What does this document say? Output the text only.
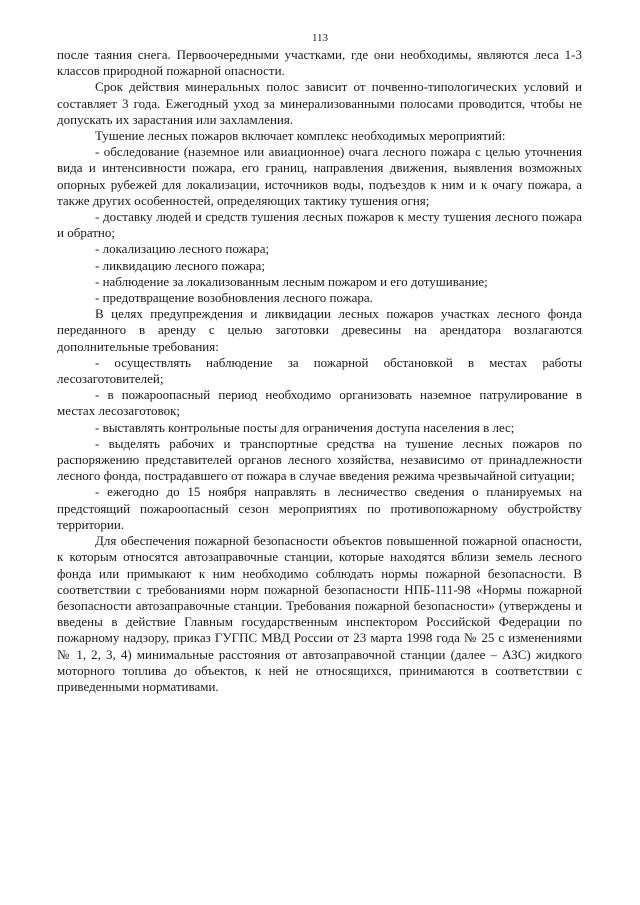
113

после таяния снега. Первоочередными участками, где они необходимы, являются леса 1-3 классов природной пожарной опасности.

Срок действия минеральных полос зависит от почвенно-типологических условий и составляет 3 года. Ежегодный уход за минерализованными полосами проводится, чтобы не допускать их зарастания или захламления.

Тушение лесных пожаров включает комплекс необходимых мероприятий:

- обследование (наземное или авиационное) очага лесного пожара с целью уточнения вида и интенсивности пожара, его границ, направления движения, выявления возможных опорных рубежей для локализации, источников воды, подъездов к ним и к очагу пожара, а также других особенностей, определяющих тактику тушения огня;

- доставку людей и средств тушения лесных пожаров к месту тушения лесного пожара и обратно;

- локализацию лесного пожара;

- ликвидацию лесного пожара;

- наблюдение за локализованным лесным пожаром и его дотушивание;

- предотвращение возобновления лесного пожара.

В целях предупреждения и ликвидации лесных пожаров участках лесного фонда переданного в аренду с целью заготовки древесины на арендатора возлагаются дополнительные требования:

- осуществлять наблюдение за пожарной обстановкой в местах работы лесозаготовителей;

- в пожароопасный период необходимо организовать наземное патрулирование в местах лесозаготовок;

- выставлять контрольные посты для ограничения доступа населения в лес;

- выделять рабочих и транспортные средства на тушение лесных пожаров по распоряжению представителей органов лесного хозяйства, независимо от принадлежности лесного фонда, пострадавшего от пожара в случае введения режима чрезвычайной ситуации;

- ежегодно до 15 ноября направлять в лесничество сведения о планируемых на предстоящий пожароопасный сезон мероприятиях по противопожарному обустройству территории.

Для обеспечения пожарной безопасности объектов повышенной пожарной опасности, к которым относятся автозаправочные станции, которые находятся вблизи земель лесного фонда или примыкают к ним необходимо соблюдать нормы пожарной безопасности. В соответствии с требованиями норм пожарной безопасности НПБ-111-98 «Нормы пожарной безопасности автозаправочные станции. Требования пожарной безопасности» (утверждены и введены в действие Главным государственным инспектором Российской Федерации по пожарному надзору, приказ ГУГПС МВД России от 23 марта 1998 года № 25 с изменениями № 1, 2, 3, 4) минимальные расстояния от автозаправочной станции (далее – АЗС) жидкого моторного топлива до объектов, к ней не относящихся, принимаются в соответствии с приведенными нормативами.
